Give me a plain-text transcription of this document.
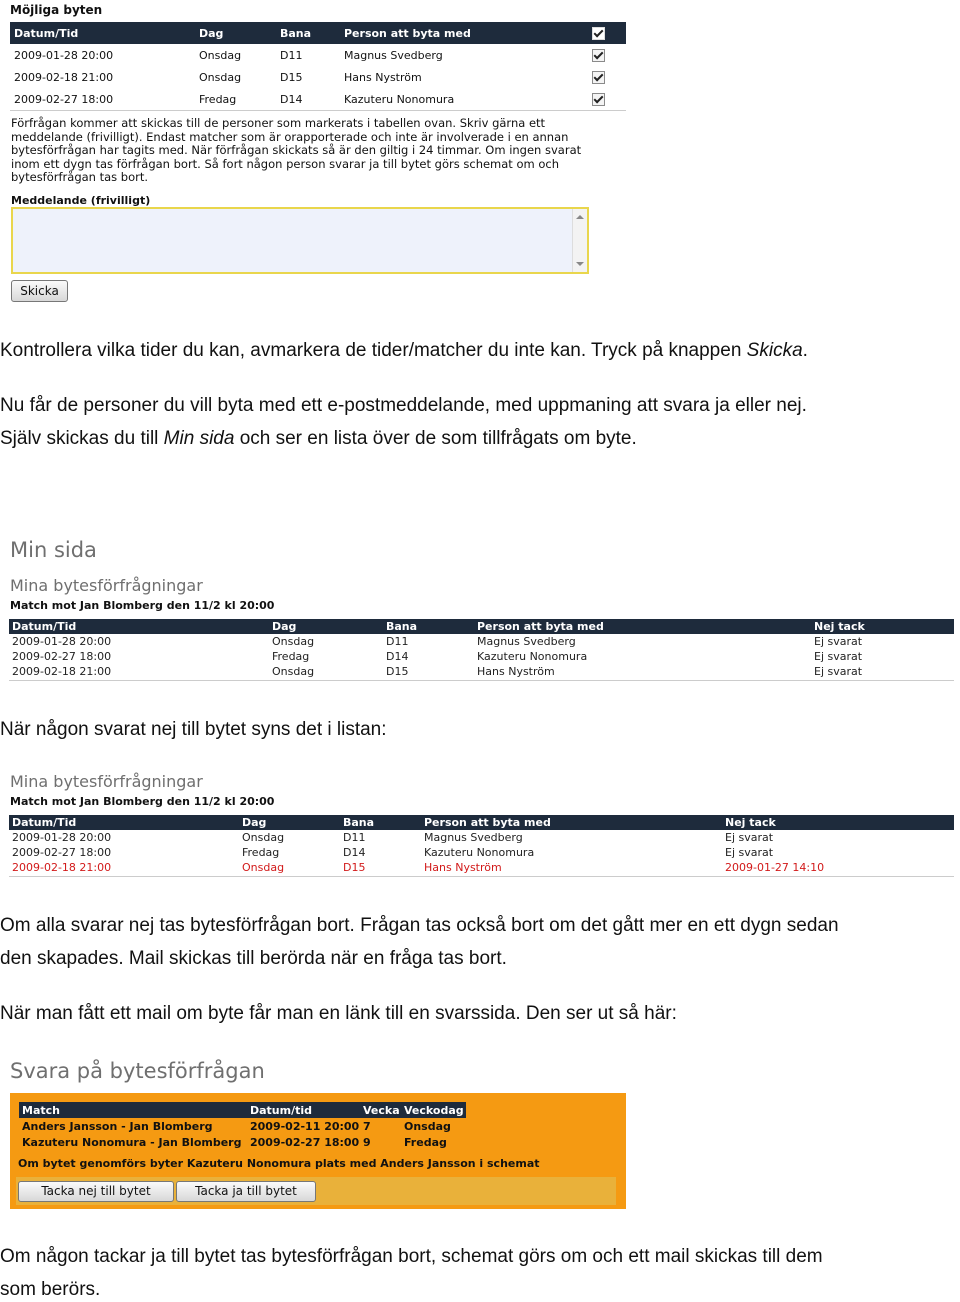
Möjliga byten
Datum/Tid	Dag	Bana	Person att byta med	
2009-01-28 20:00	Onsdag	D11	Magnus Svedberg	
2009-02-18 21:00	Onsdag	D15	Hans Nyström	
2009-02-27 18:00	Fredag	D14	Kazuteru Nonomura	
Förfrågan kommer att skickas till de personer som markerats i tabellen ovan. Skriv gärna ett
meddelande (frivilligt). Endast matcher som är orapporterade och inte är involverade i en annan
bytesförfrågan har tagits med. När förfrågan skickats så är den giltig i 24 timmar. Om ingen svarat
inom ett dygn tas förfrågan bort. Så fort någon person svarar ja till bytet görs schemat om och
bytesförfrågan tas bort.
Meddelande (frivilligt)
Skicka
Kontrollera vilka tider du kan, avmarkera de tider/matcher du inte kan. Tryck på knappen Skicka.
Nu får de personer du vill byta med ett e-postmeddelande, med uppmaning att svara ja eller nej.
Själv skickas du till Min sida och ser en lista över de som tillfrågats om byte.
Min sida
Mina bytesförfrågningar
Match mot Jan Blomberg den 11/2 kl 20:00
Datum/Tid	Dag	Bana	Person att byta med	Nej tack
2009-01-28 20:00	Onsdag	D11	Magnus Svedberg	Ej svarat
2009-02-27 18:00	Fredag	D14	Kazuteru Nonomura	Ej svarat
2009-02-18 21:00	Onsdag	D15	Hans Nyström	Ej svarat
När någon svarat nej till bytet syns det i listan:
Mina bytesförfrågningar
Match mot Jan Blomberg den 11/2 kl 20:00
Datum/Tid	Dag	Bana	Person att byta med	Nej tack
2009-01-28 20:00	Onsdag	D11	Magnus Svedberg	Ej svarat
2009-02-27 18:00	Fredag	D14	Kazuteru Nonomura	Ej svarat
2009-02-18 21:00	Onsdag	D15	Hans Nyström	2009-01-27 14:10
Om alla svarar nej tas bytesförfrågan bort. Frågan tas också bort om det gått mer en ett dygn sedan
den skapades. Mail skickas till berörda när en fråga tas bort.
När man fått ett mail om byte får man en länk till en svarssida. Den ser ut så här:
Svara på bytesförfrågan
Match	Datum/tid	Vecka	Veckodag
Anders Jansson - Jan Blomberg	2009-02-11 20:00	7	Onsdag
Kazuteru Nonomura - Jan Blomberg	2009-02-27 18:00	9	Fredag
Om bytet genomförs byter Kazuteru Nonomura plats med Anders Jansson i schemat
Tacka nej till bytet	Tacka ja till bytet
Om någon tackar ja till bytet tas bytesförfrågan bort, schemat görs om och ett mail skickas till dem
som berörs.
